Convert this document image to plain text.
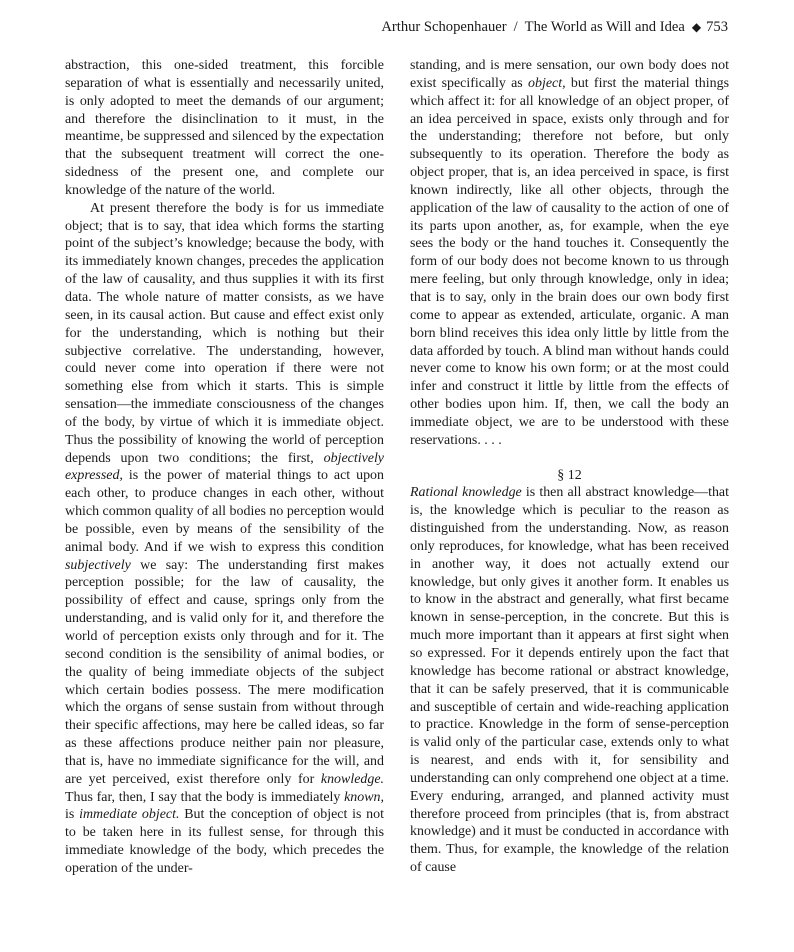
Arthur Schopenhauer / The World as Will and Idea ◆ 753

abstraction, this one-sided treatment, this forcible separation of what is essentially and necessarily united, is only adopted to meet the demands of our argument; and therefore the disinclination to it must, in the meantime, be suppressed and silenced by the expectation that the subsequent treatment will correct the one-sidedness of the present one, and complete our knowledge of the nature of the world.

At present therefore the body is for us immediate object; that is to say, that idea which forms the starting point of the subject’s knowledge; because the body, with its immediately known changes, precedes the application of the law of causality, and thus supplies it with its first data. The whole nature of matter consists, as we have seen, in its causal action. But cause and effect exist only for the understanding, which is nothing but their subjective correlative. The understanding, however, could never come into operation if there were not something else from which it starts. This is simple sensation—the immediate consciousness of the changes of the body, by virtue of which it is immediate object. Thus the possibility of knowing the world of perception depends upon two conditions; the first, objectively expressed, is the power of material things to act upon each other, to produce changes in each other, without which common quality of all bodies no perception would be possible, even by means of the sensibility of the animal body. And if we wish to express this condition subjectively we say: The understanding first makes perception possible; for the law of causality, the possibility of effect and cause, springs only from the understanding, and is valid only for it, and therefore the world of perception exists only through and for it. The second condition is the sensibility of animal bodies, or the quality of being immediate objects of the subject which certain bodies possess. The mere modification which the organs of sense sustain from without through their specific affections, may here be called ideas, so far as these affections produce neither pain nor pleasure, that is, have no immediate significance for the will, and are yet perceived, exist therefore only for knowledge. Thus far, then, I say that the body is immediately known, is immediate object. But the conception of object is not to be taken here in its fullest sense, for through this immediate knowledge of the body, which precedes the operation of the under-

standing, and is mere sensation, our own body does not exist specifically as object, but first the material things which affect it: for all knowledge of an object proper, of an idea perceived in space, exists only through and for the understanding; therefore not before, but only subsequently to its operation. Therefore the body as object proper, that is, an idea perceived in space, is first known indirectly, like all other objects, through the application of the law of causality to the action of one of its parts upon another, as, for example, when the eye sees the body or the hand touches it. Consequently the form of our body does not become known to us through mere feeling, but only through knowledge, only in idea; that is to say, only in the brain does our own body first come to appear as extended, articulate, organic. A man born blind receives this idea only little by little from the data afforded by touch. A blind man without hands could never come to know his own form; or at the most could infer and construct it little by little from the effects of other bodies upon him. If, then, we call the body an immediate object, we are to be understood with these reservations. . . .

§ 12

Rational knowledge is then all abstract knowledge—that is, the knowledge which is peculiar to the reason as distinguished from the understanding. Now, as reason only reproduces, for knowledge, what has been received in another way, it does not actually extend our knowledge, but only gives it another form. It enables us to know in the abstract and generally, what first became known in sense-perception, in the concrete. But this is much more important than it appears at first sight when so expressed. For it depends entirely upon the fact that knowledge has become rational or abstract knowledge, that it can be safely preserved, that it is communicable and susceptible of certain and wide-reaching application to practice. Knowledge in the form of sense-perception is valid only of the particular case, extends only to what is nearest, and ends with it, for sensibility and understanding can only comprehend one object at a time. Every enduring, arranged, and planned activity must therefore proceed from principles (that is, from abstract knowledge) and it must be conducted in accordance with them. Thus, for example, the knowledge of the relation of cause
